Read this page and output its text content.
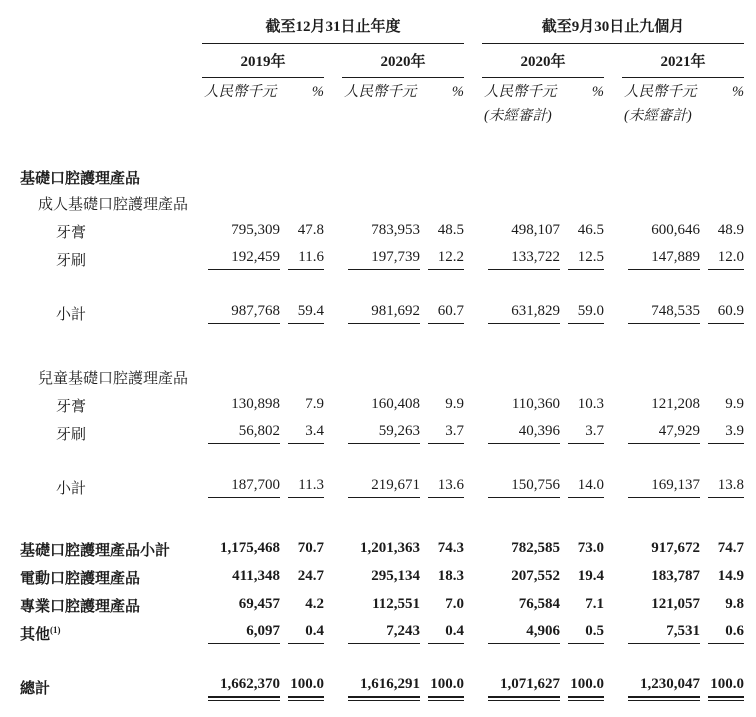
	截至12月31日止年度						截至9月30日止九個月				

	2019年			2020年			2020年			2021年	

	人民幣千元	%		人民幣千元	%		人民幣千元	%		人民幣千元	%

							(未經審計)			(未經審計)	

基礎口腔護理產品											
成人基礎口腔護理產品											
牙膏	795,309	47.8		783,953	48.5		498,107	46.5		600,646	48.9

牙刷	192,459	11.6		197,739	12.2		133,722	12.5		147,889	12.0

小計	987,768	59.4		981,692	60.7		631,829	59.0		748,535	60.9

兒童基礎口腔護理產品											
牙膏	130,898	7.9		160,408	9.9		110,360	10.3		121,208	9.9

牙刷	56,802	3.4		59,263	3.7		40,396	3.7		47,929	3.9

小計	187,700	11.3		219,671	13.6		150,756	14.0		169,137	13.8

基礎口腔護理產品小計	1,175,468	70.7		1,201,363	74.3		782,585	73.0		917,672	74.7

電動口腔護理產品	411,348	24.7		295,134	18.3		207,552	19.4		183,787	14.9

專業口腔護理產品	69,457	4.2		112,551	7.0		76,584	7.1		121,057	9.8

其他$^{(1)}$	6,097	0.4		7,243	0.4		4,906	0.5		7,531	0.6

總計	1,662,370	100.0		1,616,291	100.0		1,071,627	100.0		1,230,047	100.0
